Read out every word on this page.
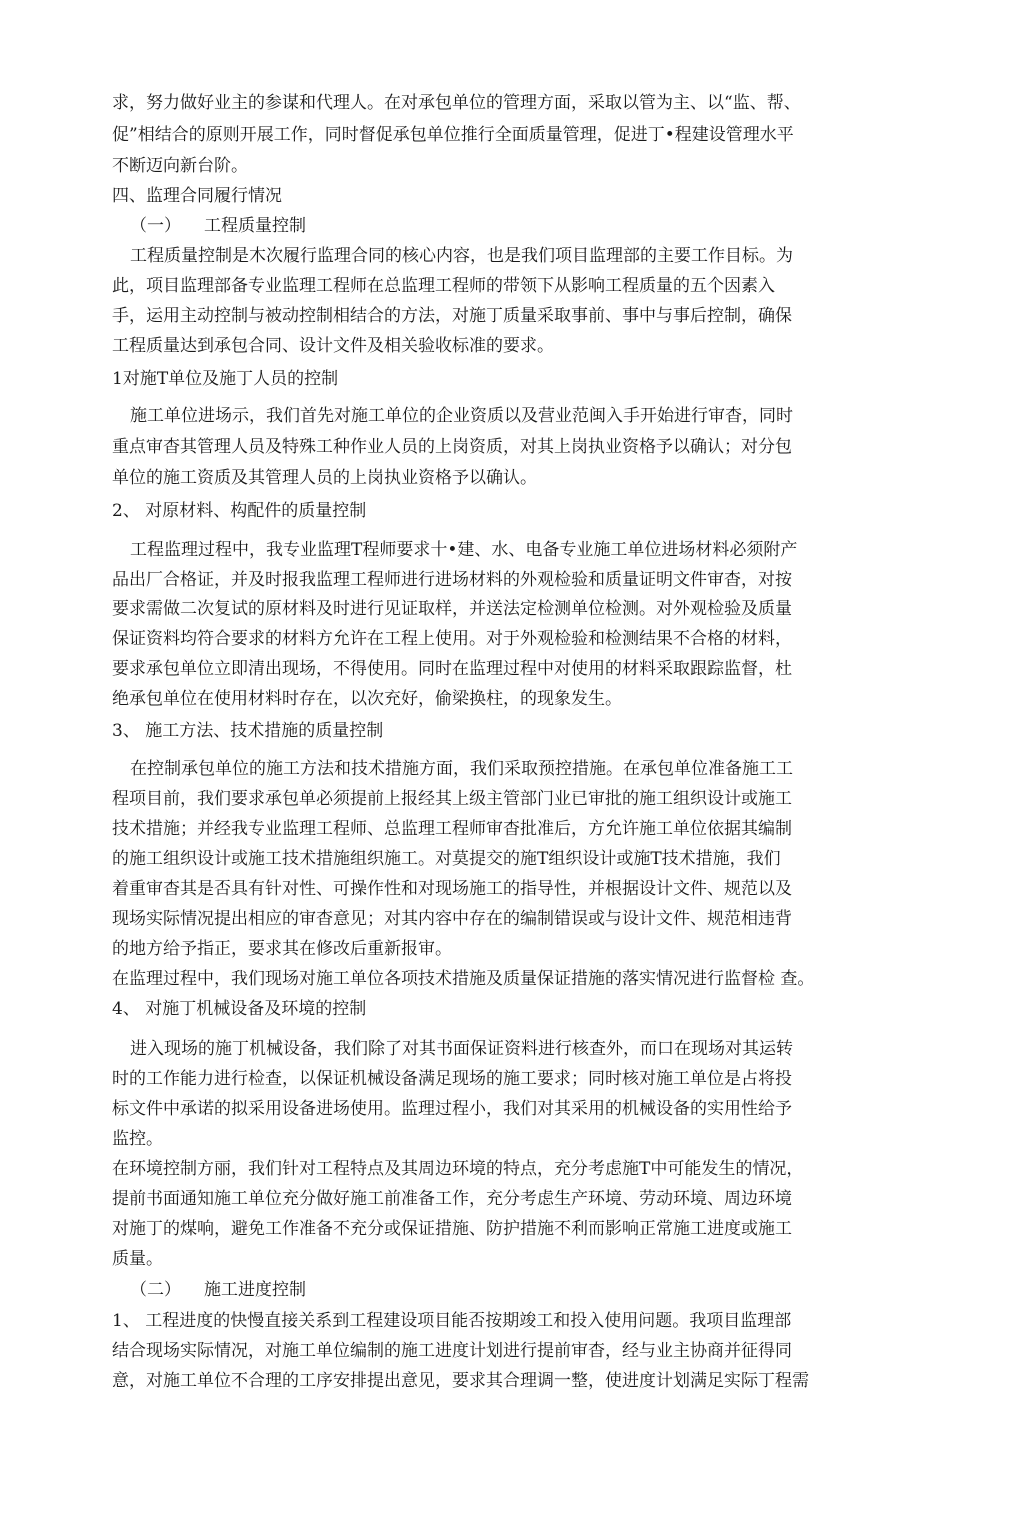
求，努力做好业主的参谋和代理人。在对承包单位的管理方面，采取以管为主、以“监、帮、
促”相结合的原则开展工作，同时督促承包单位推行全面质量管理，促进丁•程建设管理水平
不断迈向新台阶。
四、监理合同履行情况
（一） 工程质量控制
工程质量控制是木次履行监理合同的核心内容，也是我们项目监理部的主要工作目标。为
此，项目监理部备专业监理工程师在总监理工程师的带领下从影响工程质量的五个因素入
手，运用主动控制与被动控制相结合的方法，对施丁质量采取事前、事中与事后控制，确保
工程质量达到承包合同、设计文件及相关验收标准的要求。
1对施T单位及施丁人员的控制
施工单位进场示，我们首先对施工单位的企业资质以及营业范闽入手开始进行审杳，同时
重点审杳其管理人员及特殊工种作业人员的上岗资质，对其上岗执业资格予以确认；对分包
单位的施工资质及其管理人员的上岗执业资格予以确认。
2、 对原材料、构配件的质量控制
工程监理过程中，我专业监理T程师要求十•建、水、电备专业施工单位进场材料必须附产
品出厂合格证，并及时报我监理工程师进行进场材料的外观检验和质量证明文件审杳，对按
要求需做二次复试的原材料及时进行见证取样，并送法定检测单位检测。对外观检验及质量
保证资料均符合要求的材料方允许在工程上使用。对于外观检验和检测结果不合格的材料，
要求承包单位立即清出现场，不得使用。同时在监理过程中对使用的材料采取跟踪监督，杜
绝承包单位在使用材料时存在，以次充好，偷梁换柱，的现象发生。
3、 施工方法、技术措施的质量控制
在控制承包单位的施工方法和技术措施方面，我们采取预控措施。在承包单位准备施工工
程项目前，我们要求承包单必须提前上报经其上级主管部门业已审批的施工组织设计或施工
技术措施；并经我专业监理工程师、总监理工程师审杳批准后，方允许施工单位依据其编制
的施工组织设计或施工技术措施组织施工。对莫提交的施T组织设计或施T技术措施，我们
着重审杳其是否具有针对性、可操作性和对现场施工的指导性，并根据设计文件、规范以及
现场实际情况提出相应的审杳意见；对其内容中存在的编制错误或与设计文件、规范相违背
的地方给予指正，要求其在修改后重新报审。
在监理过程中，我们现场对施工单位各项技术措施及质量保证措施的落实情况进行监督检 查。
4、 对施丁机械设备及环境的控制
进入现场的施丁机械设备，我们除了对其书面保证资料进行核查外，而口在现场对其运转
时的工作能力进行检查，以保证机械设备满足现场的施工要求；同时核对施工单位是占将投
标文件中承诺的拟采用设备进场使用。监理过程小，我们对其采用的机械设备的实用性给予
监控。
在环境控制方丽，我们针对工程特点及其周边环境的特点，充分考虑施T中可能发生的情况，
提前书面通知施工单位充分做好施工前准备工作，充分考虑生产环境、劳动环境、周边环境
对施丁的煤响，避免工作准备不充分或保证措施、防护措施不利而影响正常施工进度或施工
质量。
（二） 施工进度控制
1、 工程进度的快慢直接关系到工程建设项目能否按期竣工和投入使用问题。我项目监理部
结合现场实际情况，对施工单位编制的施工进度计划进行提前审杳，经与业主协商并征得同
意，对施工单位不合理的工序安排提出意见，要求其合理调一整，使进度计划满足实际丁程需
